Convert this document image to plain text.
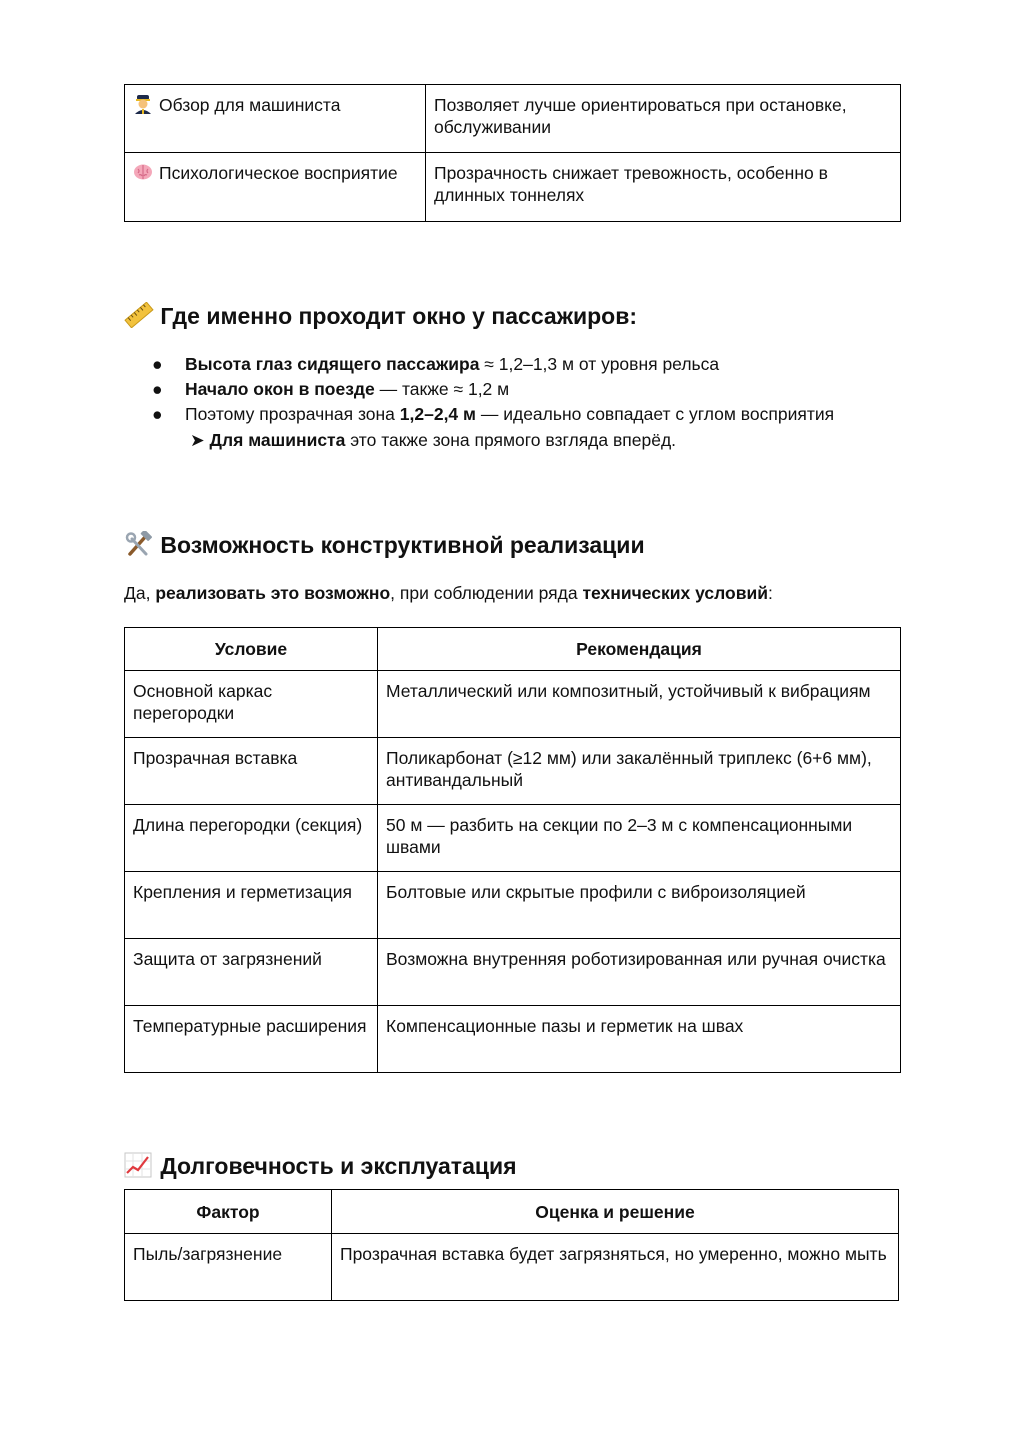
Обзор для машиниста	Позволяет лучше ориентироваться при остановке, обслуживании
Психологическое восприятие	Прозрачность снижает тревожность, особенно в длинных тоннелях
Где именно проходит окно у пассажиров:
● Высота глаз сидящего пассажира ≈ 1,2–1,3 м от уровня рельса
● Начало окон в поезде — также ≈ 1,2 м
● Поэтому прозрачная зона 1,2–2,4 м — идеально совпадает с углом восприятия
➤ Для машиниста это также зона прямого взгляда вперёд.
Возможность конструктивной реализации
Да, реализовать это возможно, при соблюдении ряда технических условий:
Условие	Рекомендация
Основной каркас перегородки	Металлический или композитный, устойчивый к вибрациям
Прозрачная вставка	Поликарбонат (≥12 мм) или закалённый триплекс (6+6 мм), антивандальный
Длина перегородки (секция)	50 м — разбить на секции по 2–3 м с компенсационными швами
Крепления и герметизация	Болтовые или скрытые профили с виброизоляцией
Защита от загрязнений	Возможна внутренняя роботизированная или ручная очистка
Температурные расширения	Компенсационные пазы и герметик на швах
Долговечность и эксплуатация
Фактор	Оценка и решение
Пыль/загрязнение	Прозрачная вставка будет загрязняться, но умеренно, можно мыть
